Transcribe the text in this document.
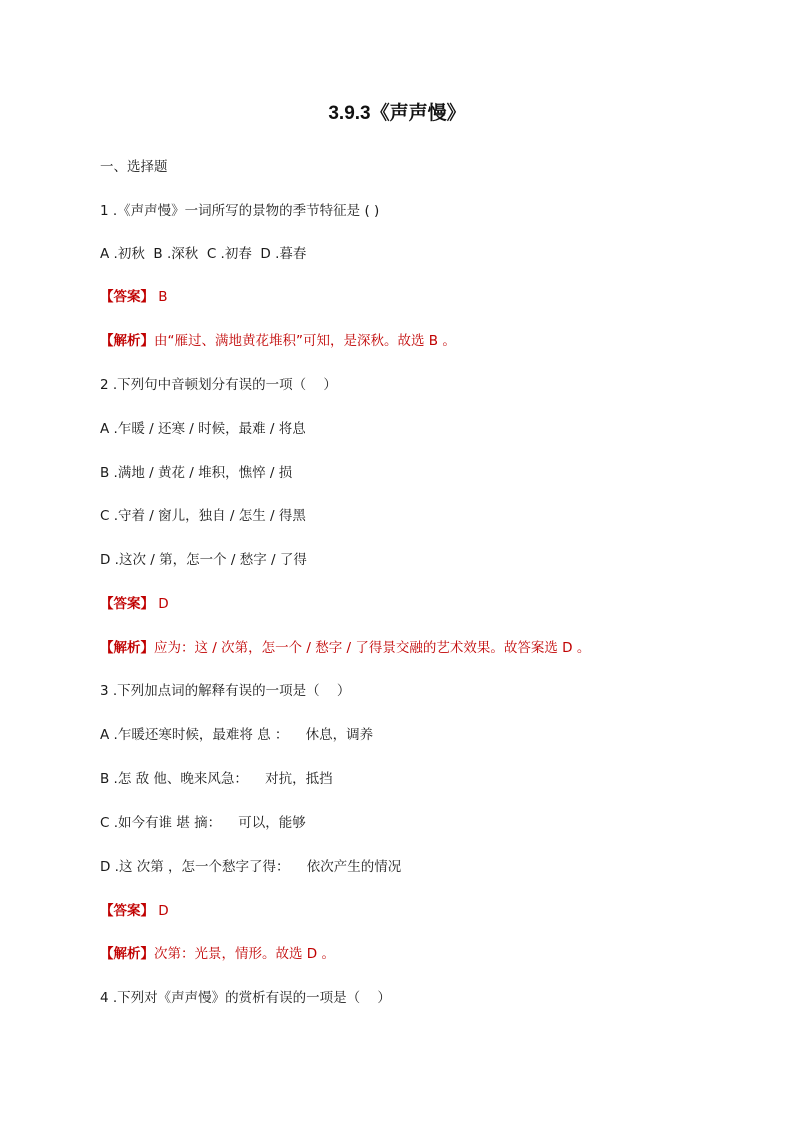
3.9.3《声声慢》
一、选择题
1 .《声声慢》一词所写的景物的季节特征是 ( )
A .初秋  B .深秋  C .初春  D .暮春
【答案】 B
【解析】由“雁过、满地黄花堆积”可知，是深秋。故选 B 。
2 .下列句中音顿划分有误的一项（    ）
A .乍暖 / 还寒 / 时候，最难 / 将息
B .满地 / 黄花 / 堆积，憔悴 / 损
C .守着 / 窗儿，独自 / 怎生 / 得黑
D .这次 / 第，怎一个 / 愁字 / 了得
【答案】 D
【解析】应为：这 / 次第，怎一个 / 愁字 / 了得景交融的艺术效果。故答案选 D 。
3 .下列加点词的解释有误的一项是（    ）
A .乍暖还寒时候，最难将 息 ：    休息，调养
B .怎 敌 他、晚来风急：    对抗，抵挡
C .如今有谁 堪 摘：    可以，能够
D .这 次第 ，怎一个愁字了得：    依次产生的情况
【答案】 D
【解析】次第：光景，情形。故选 D 。
4 .下列对《声声慢》的赏析有误的一项是（    ）
